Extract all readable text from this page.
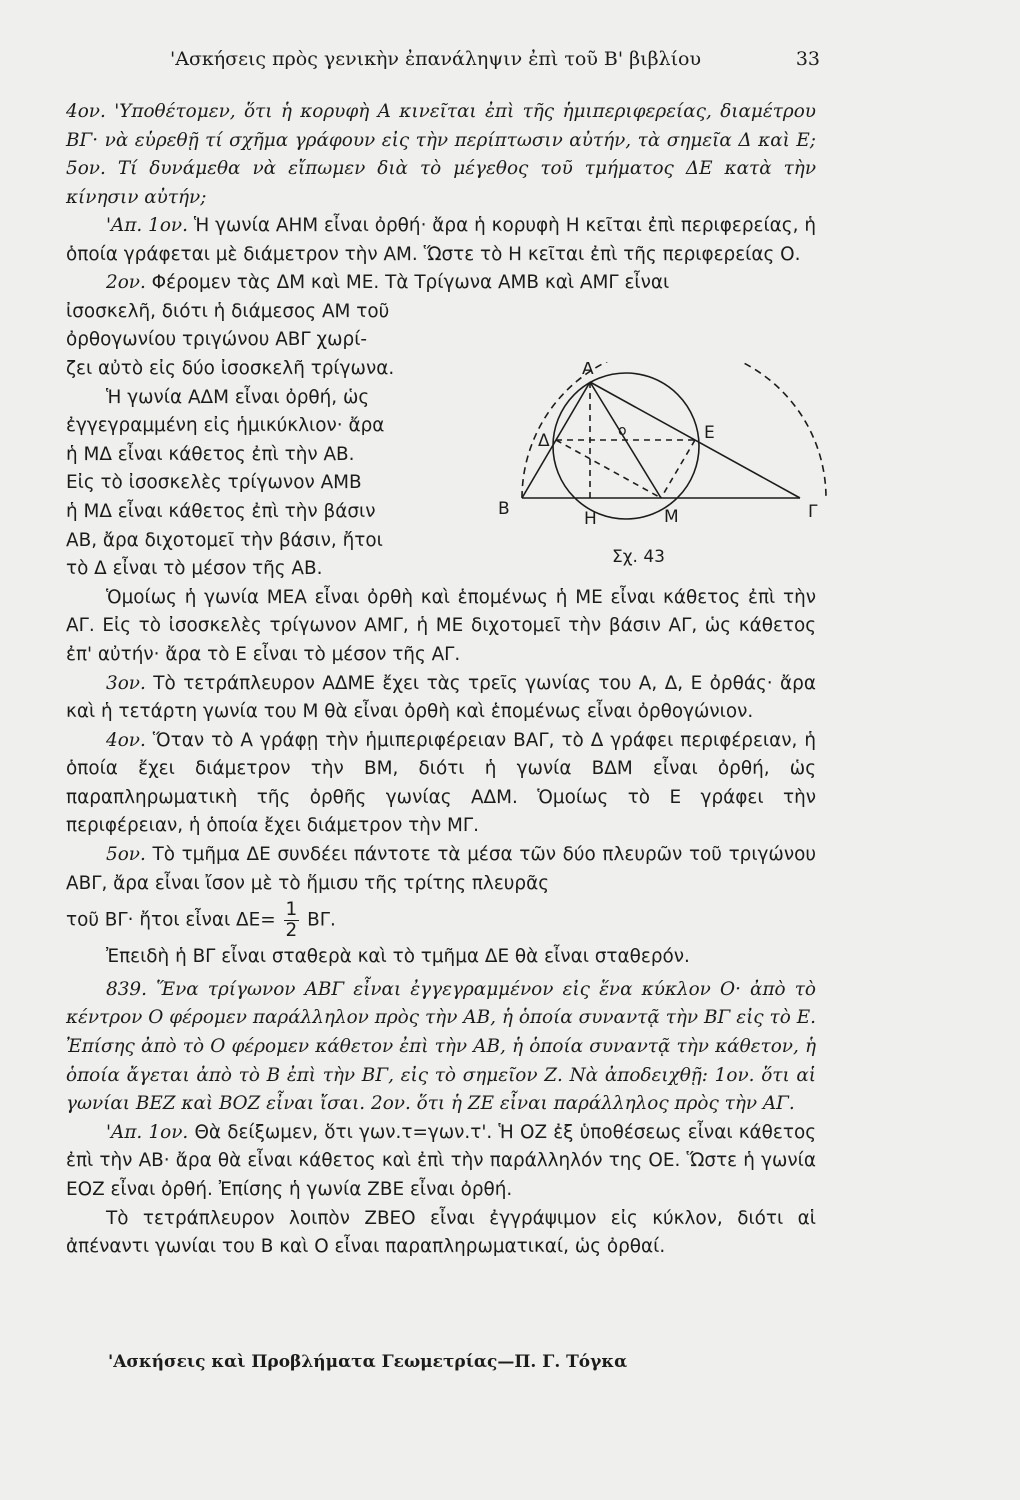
'Ασκήσεις πρὸς γενικὴν ἐπανάληψιν ἐπὶ τοῦ Β' βιβλίου	33

4ον. 'Υποθέτομεν, ὅτι ἡ κορυφὴ Α κινεῖται ἐπὶ τῆς ἡμιπεριφερείας, διαμέτρου ΒΓ· νὰ εὑρεθῇ τί σχῆμα γράφουν εἰς τὴν περίπτωσιν αὐτήν, τὰ σημεῖα Δ καὶ Ε; 5ον. Τί δυνάμεθα νὰ εἴπωμεν διὰ τὸ μέγεθος τοῦ τμήματος ΔΕ κατὰ τὴν κίνησιν αὐτήν;

'Απ. 1ον. Ἡ γωνία ΑΗΜ εἶναι ὀρθή· ἄρα ἡ κορυφὴ Η κεῖται ἐπὶ περιφερείας, ἡ ὁποία γράφεται μὲ διάμετρον τὴν ΑΜ. Ὥστε τὸ Η κεῖται ἐπὶ τῆς περιφερείας Ο.

2ον. Φέρομεν τὰς ΔΜ καὶ ΜΕ. Τὰ Τρίγωνα ΑΜΒ καὶ ΑΜΓ εἶναι

ἰσοσκελῆ, διότι ἡ διάμεσος ΑΜ τοῦ
ὀρθογωνίου τριγώνου ΑΒΓ χωρί-
ζει αὐτὸ εἰς δύο ἰσοσκελῆ τρίγωνα.
Ἡ γωνία ΑΔΜ εἶναι ὀρθή, ὡς
ἐγγεγραμμένη εἰς ἡμικύκλιον· ἄρα
ἡ ΜΔ εἶναι κάθετος ἐπὶ τὴν ΑΒ.
Εἰς τὸ ἰσοσκελὲς τρίγωνον ΑΜΒ
ἡ ΜΔ εἶναι κάθετος ἐπὶ τὴν βάσιν
ΑΒ, ἄρα διχοτομεῖ τὴν βάσιν, ἤτοι
τὸ Δ εἶναι τὸ μέσον τῆς ΑΒ.

Ὁμοίως ἡ γωνία ΜΕΑ εἶναι ὀρθὴ καὶ ἑπομένως ἡ ΜΕ εἶναι κάθετος ἐπὶ τὴν ΑΓ. Εἰς τὸ ἰσοσκελὲς τρίγωνον ΑΜΓ, ἡ ΜΕ διχοτομεῖ τὴν βάσιν ΑΓ, ὡς κάθετος ἐπ' αὐτήν· ἄρα τὸ Ε εἶναι τὸ μέσον τῆς ΑΓ.

3ον. Τὸ τετράπλευρον ΑΔΜΕ ἔχει τὰς τρεῖς γωνίας του Α, Δ, Ε ὀρθάς· ἄρα καὶ ἡ τετάρτη γωνία του Μ θὰ εἶναι ὀρθὴ καὶ ἑπομένως εἶναι ὀρθογώνιον.

4ον. Ὅταν τὸ Α γράφῃ τὴν ἡμιπεριφέρειαν ΒΑΓ, τὸ Δ γράφει περιφέρειαν, ἡ ὁποία ἔχει διάμετρον τὴν ΒΜ, διότι ἡ γωνία ΒΔΜ εἶναι ὀρθή, ὡς παραπληρωματικὴ τῆς ὀρθῆς γωνίας ΑΔΜ. Ὁμοίως τὸ Ε γράφει τὴν περιφέρειαν, ἡ ὁποία ἔχει διάμετρον τὴν ΜΓ.

5ον. Τὸ τμῆμα ΔΕ συνδέει πάντοτε τὰ μέσα τῶν δύο πλευρῶν τοῦ τριγώνου ΑΒΓ, ἄρα εἶναι ἴσον μὲ τὸ ἥμισυ τῆς τρίτης πλευρᾶς

τοῦ ΒΓ· ἤτοι εἶναι $\Delta E= \frac{1}{2} B\Gamma$.

Ἐπειδὴ ἡ ΒΓ εἶναι σταθερὰ καὶ τὸ τμῆμα ΔΕ θὰ εἶναι σταθερόν.

839. Ἕνα τρίγωνον ΑΒΓ εἶναι ἐγγεγραμμένον εἰς ἕνα κύκλον Ο· ἀπὸ τὸ κέντρον Ο φέρομεν παράλληλον πρὸς τὴν ΑΒ, ἡ ὁποία συναντᾷ τὴν ΒΓ εἰς τὸ Ε. Ἐπίσης ἀπὸ τὸ Ο φέρομεν κάθετον ἐπὶ τὴν ΑΒ, ἡ ὁποία συναντᾷ τὴν κάθετον, ἡ ὁποία ἄγεται ἀπὸ τὸ Β ἐπὶ τὴν ΒΓ, εἰς τὸ σημεῖον Ζ. Νὰ ἀποδειχθῇ: 1ον. ὅτι αἱ γωνίαι ΒΕΖ καὶ ΒΟΖ εἶναι ἴσαι. 2ον. ὅτι ἡ ΖΕ εἶναι παράλληλος πρὸς τὴν ΑΓ.

'Απ. 1ον. Θὰ δείξωμεν, ὅτι γων.τ=γων.τ'. Ἡ ΟΖ ἐξ ὑποθέσεως εἶναι κάθετος ἐπὶ τὴν ΑΒ· ἄρα θὰ εἶναι κάθετος καὶ ἐπὶ τὴν παράλληλόν της ΟΕ. Ὥστε ἡ γωνία ΕΟΖ εἶναι ὀρθή. Ἐπίσης ἡ γωνία ΖΒΕ εἶναι ὀρθή.

Τὸ τετράπλευρον λοιπὸν ΖΒΕΟ εἶναι ἐγγράψιμον εἰς κύκλον, διότι αἱ ἀπέναντι γωνίαι του Β καὶ Ο εἶναι παραπληρωματικαί, ὡς ὀρθαί.

Α
Β	Γ
Δ	Ε
Η	Μ
ο
Σχ. 43
'Ασκήσεις καὶ Προβλήματα Γεωμετρίας—Π. Γ. Τόγκα
